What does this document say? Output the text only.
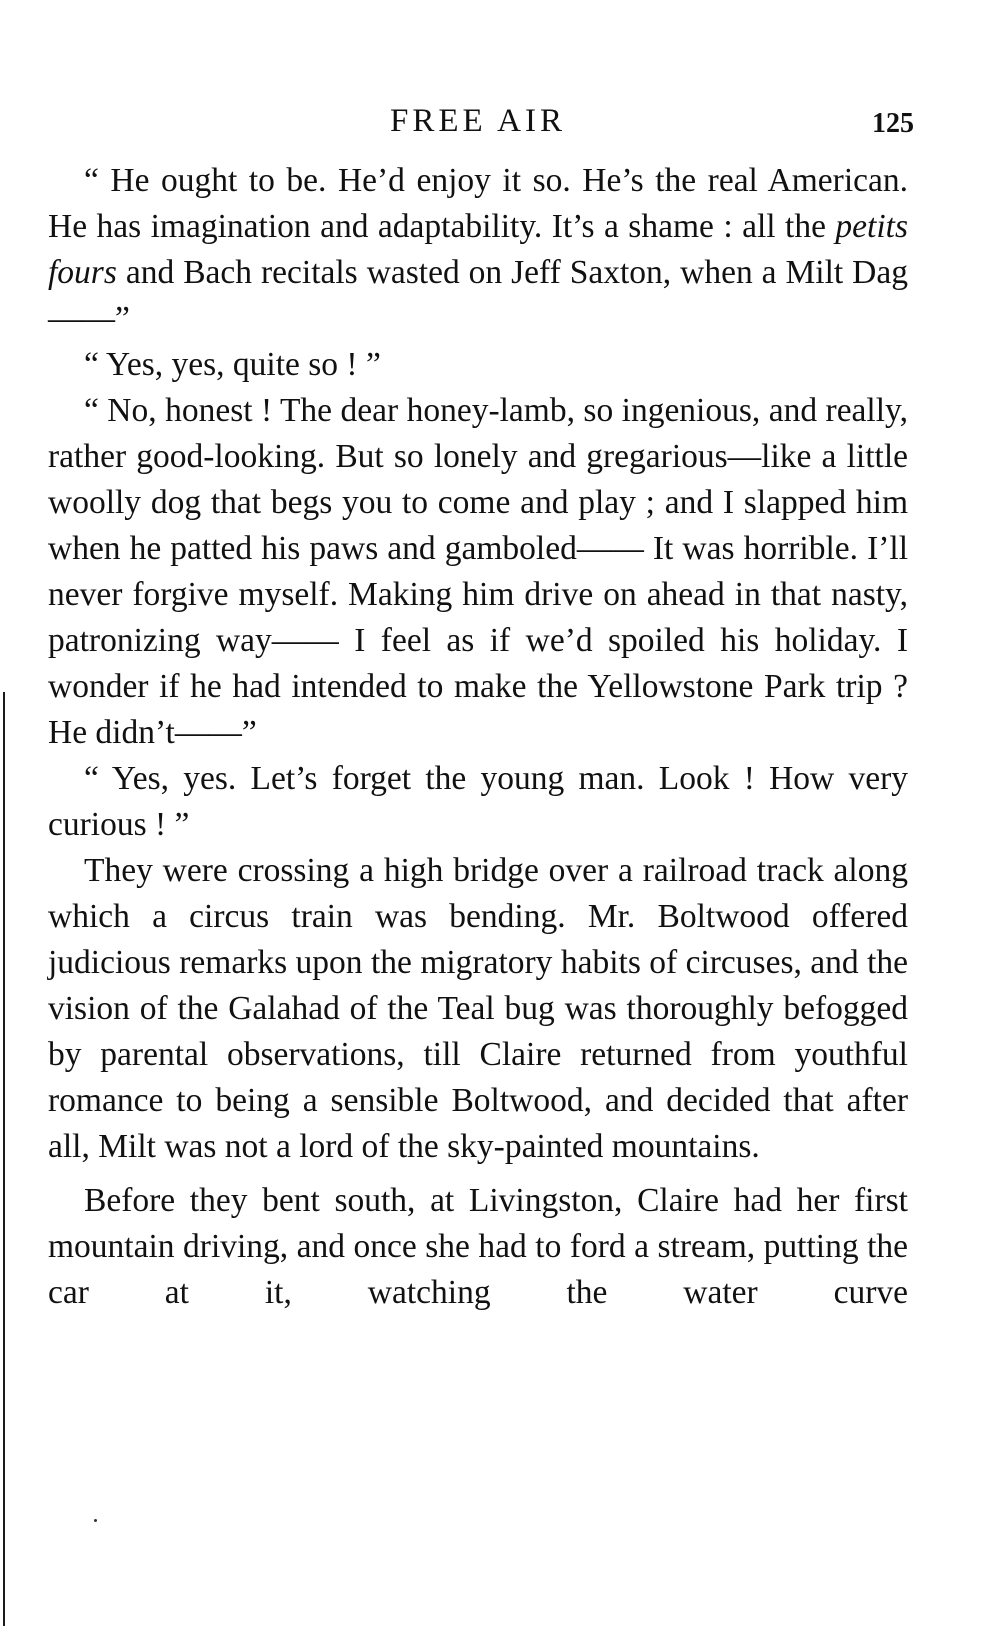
FREE AIR	125

“ He ought to be. He’d enjoy it so. He’s the real American. He has imagination and adaptability. It’s a shame : all the petits fours and Bach recitals wasted on Jeff Saxton, when a Milt Dag——”

“ Yes, yes, quite so ! ”

“ No, honest ! The dear honey-lamb, so ingenious, and really, rather good-looking. But so lonely and gregarious—like a little woolly dog that begs you to come and play ; and I slapped him when he patted his paws and gamboled—— It was horrible. I’ll never forgive myself. Making him drive on ahead in that nasty, patronizing way—— I feel as if we’d spoiled his holiday. I wonder if he had intended to make the Yellowstone Park trip ? He didn’t——”

“ Yes, yes. Let’s forget the young man. Look ! How very curious ! ”

They were crossing a high bridge over a railroad track along which a circus train was bending. Mr. Boltwood offered judicious remarks upon the migratory habits of circuses, and the vision of the Galahad of the Teal bug was thoroughly befogged by parental observations, till Claire returned from youthful romance to being a sensible Boltwood, and decided that after all, Milt was not a lord of the sky-painted mountains.

Before they bent south, at Livingston, Claire had her first mountain driving, and once she had to ford a stream, putting the car at it, watching the water curve
